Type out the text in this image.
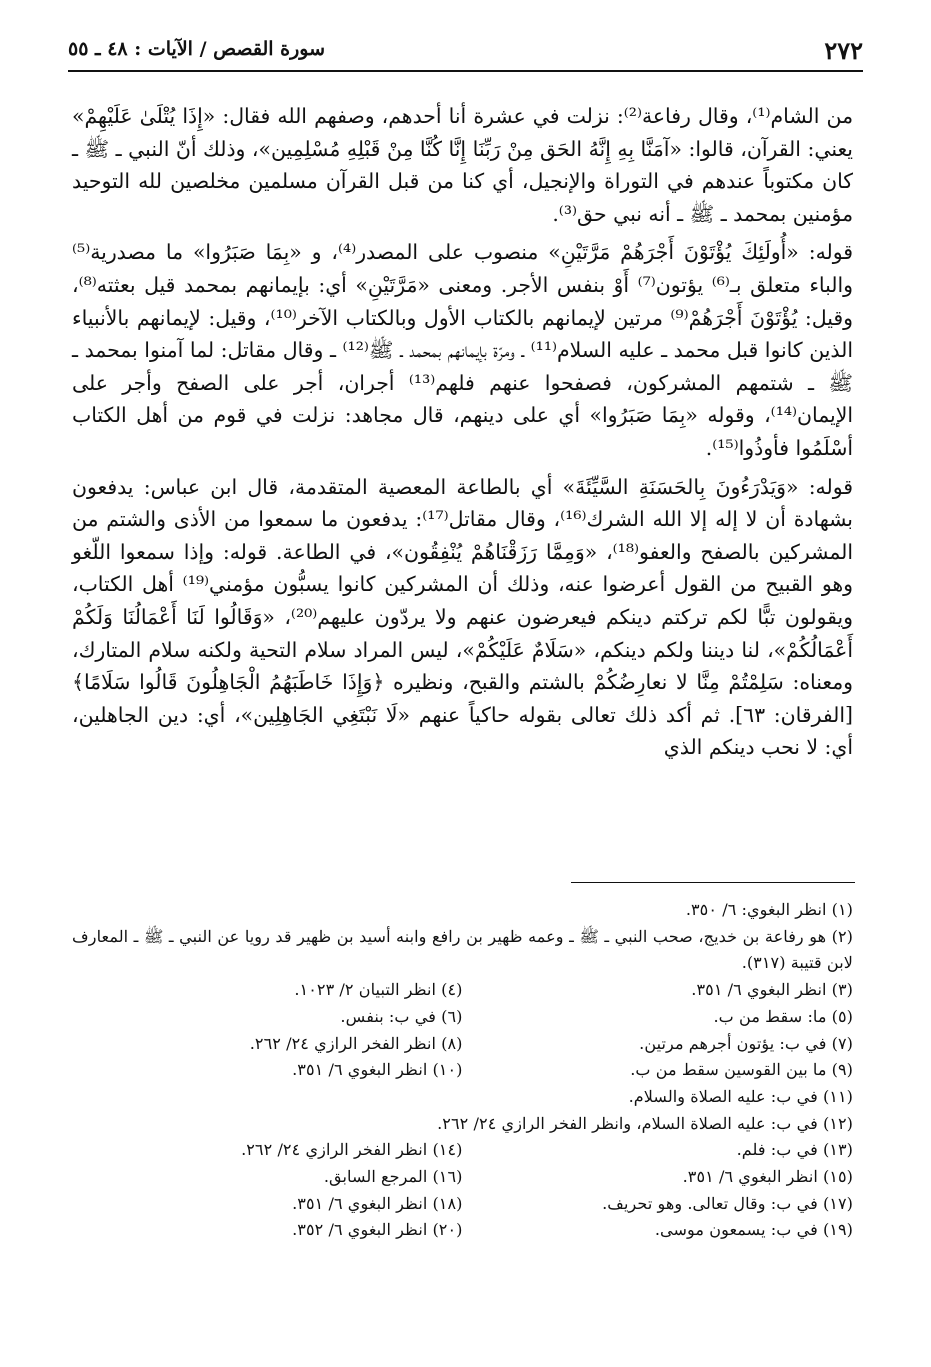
٢٧٢
سورة القصص / الآيات : ٤٨ ـ ٥٥

من الشام⁽¹⁾، وقال رفاعة⁽²⁾: نزلت في عشرة أنا أحدهم، وصفهم الله فقال: «إِذَا يُتْلَىٰ عَلَيْهِمْ» يعني: القرآن، قالوا: «آمَنَّا بِهِ إِنَّهُ الحَق مِنْ رَبِّنَا إِنَّا كُنَّا مِنْ قَبْلِهِ مُسْلِمِين»، وذلك أنّ النبي ـ ﷺ ـ كان مكتوباً عندهم في التوراة والإنجيل، أي كنا من قبل القرآن مسلمين مخلصين لله التوحيد مؤمنين بمحمد ـ ﷺ ـ أنه نبي حق⁽³⁾.

قوله: «أُولَئِكَ يُؤْتَوْنَ أَجْرَهُمْ مَرَّتَيْنِ» منصوب على المصدر⁽⁴⁾، و «بِمَا صَبَرُوا» ما مصدرية⁽⁵⁾ والباء متعلق بـ⁽⁶⁾ يؤتون⁽⁷⁾ أَوْ بنفس الأجر. ومعنى «مَرَّتَيْنِ» أي: بإيمانهم بمحمد قيل بعثته⁽⁸⁾، وقيل: يُؤْتَوْنَ أَجْرَهُمْ⁽⁹⁾ مرتين لإيمانهم بالكتاب الأول وبالكتاب الآخر⁽¹⁰⁾، وقيل: لإيمانهم بالأنبياء الذين كانوا قبل محمد ـ عليه السلام⁽¹¹⁾ ـ ومرّة بإيمانهم بمحمد ـ ﷺ⁽¹²⁾ ـ وقال مقاتل: لما آمنوا بمحمد ـ ﷺ ـ شتمهم المشركون، فصفحوا عنهم فلهم⁽¹³⁾ أجران، أجر على الصفح وأجر على الإيمان⁽¹⁴⁾، وقوله «بِمَا صَبَرُوا» أي على دينهم، قال مجاهد: نزلت في قوم من أهل الكتاب أسْلَمُوا فأوذُوا⁽¹⁵⁾.

قوله: «وَيَدْرَءُونَ بِالحَسَنَةِ السَّيِّئَةَ» أي بالطاعة المعصية المتقدمة، قال ابن عباس: يدفعون بشهادة أن لا إله إلا الله الشرك⁽¹⁶⁾، وقال مقاتل⁽¹⁷⁾: يدفعون ما سمعوا من الأذى والشتم من المشركين بالصفح والعفو⁽¹⁸⁾، «وَمِمَّا رَزَقْنَاهُمْ يُنْفِقُون»، في الطاعة. قوله: وإذا سمعوا اللّغو وهو القبيح من القول أعرضوا عنه، وذلك أن المشركين كانوا يسبُّون مؤمني⁽¹⁹⁾ أهل الكتاب، ويقولون تبًّا لكم تركتم دينكم فيعرضون عنهم ولا يردّون عليهم⁽²⁰⁾، «وَقَالُوا لَنَا أَعْمَالُنَا وَلَكُمْ أَعْمَالُكُمْ»، لنا ديننا ولكم دينكم، «سَلَامٌ عَلَيْكُمْ»، ليس المراد سلام التحية ولكنه سلام المتارك، ومعناه: سَلِمْتُمْ مِنَّا لا نعارِضُكُمْ بالشتم والقبح، ونظيره ﴿وَإِذَا خَاطَبَهُمُ الْجَاهِلُونَ قَالُوا سَلَامًا﴾ [الفرقان: ٦٣]. ثم أكد ذلك تعالى بقوله حاكياً عنهم «لَا نَبْتَغِي الجَاهِلِين»، أي: دين الجاهلين، أي: لا نحب دينكم الذي

(١) انظر البغوي: ٦/ ٣٥٠.
(٢) هو رفاعة بن خديج، صحب النبي ـ ﷺ ـ وعمه ظهير بن رافع وابنه أسيد بن ظهير قد رويا عن النبي ـ ﷺ ـ المعارف لابن قتيبة (٣١٧).
(٣) انظر البغوي ٦/ ٣٥١.
(٤) انظر التبيان ٢/ ١٠٢٣.
(٥) ما: سقط من ب.
(٦) في ب: بنفس.
(٧) في ب: يؤتون أجرهم مرتين.
(٨) انظر الفخر الرازي ٢٤/ ٢٦٢.
(٩) ما بين القوسين سقط من ب.
(١٠) انظر البغوي ٦/ ٣٥١.
(١١) في ب: عليه الصلاة والسلام.
(١٢) في ب: عليه الصلاة السلام، وانظر الفخر الرازي ٢٤/ ٢٦٢.
(١٣) في ب: فلم.
(١٤) انظر الفخر الرازي ٢٤/ ٢٦٢.
(١٥) انظر البغوي ٦/ ٣٥١.
(١٦) المرجع السابق.
(١٧) في ب: وقال تعالى. وهو تحريف.
(١٨) انظر البغوي ٦/ ٣٥١.
(١٩) في ب: يسمعون موسى.
(٢٠) انظر البغوي ٦/ ٣٥٢.
